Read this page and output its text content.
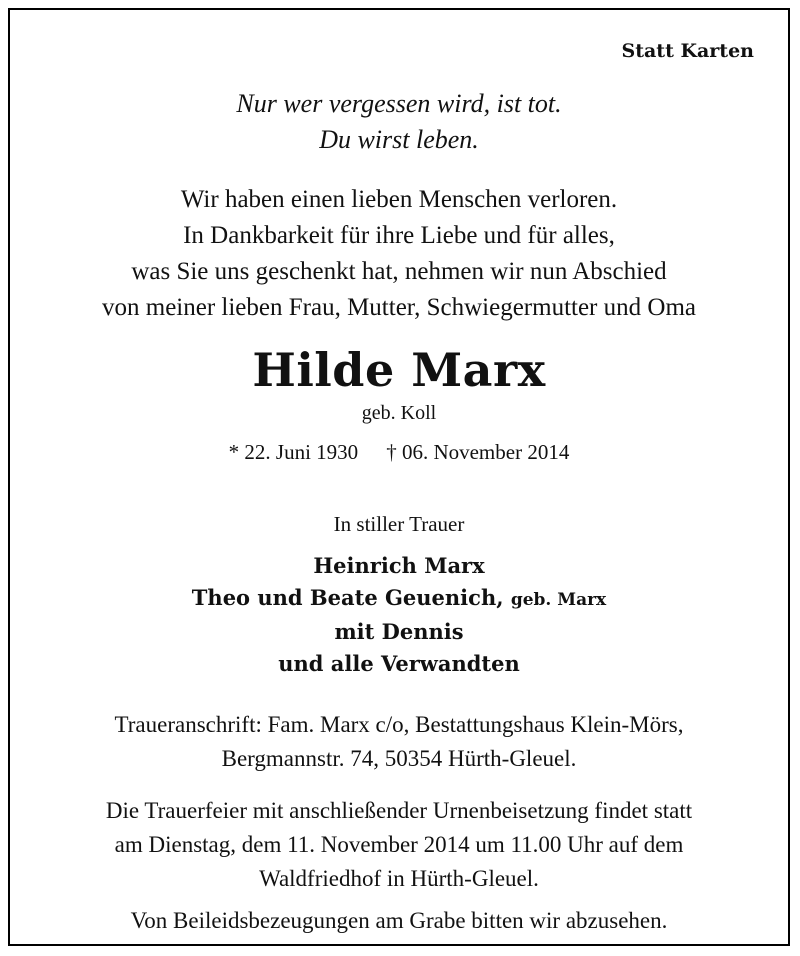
Statt Karten
Nur wer vergessen wird, ist tot.
Du wirst leben.
Wir haben einen lieben Menschen verloren.
In Dankbarkeit für ihre Liebe und für alles,
was Sie uns geschenkt hat, nehmen wir nun Abschied
von meiner lieben Frau, Mutter, Schwiegermutter und Oma
Hilde Marx
geb. Koll
* 22. Juni 1930 † 06. November 2014
In stiller Trauer
Heinrich Marx
Theo und Beate Geuenich, geb. Marx
mit Dennis
und alle Verwandten
Traueranschrift: Fam. Marx c/o, Bestattungshaus Klein-Mörs,
Bergmannstr. 74, 50354 Hürth-Gleuel.
Die Trauerfeier mit anschließender Urnenbeisetzung findet statt
am Dienstag, dem 11. November 2014 um 11.00 Uhr auf dem
Waldfriedhof in Hürth-Gleuel.
Von Beileidsbezeugungen am Grabe bitten wir abzusehen.
